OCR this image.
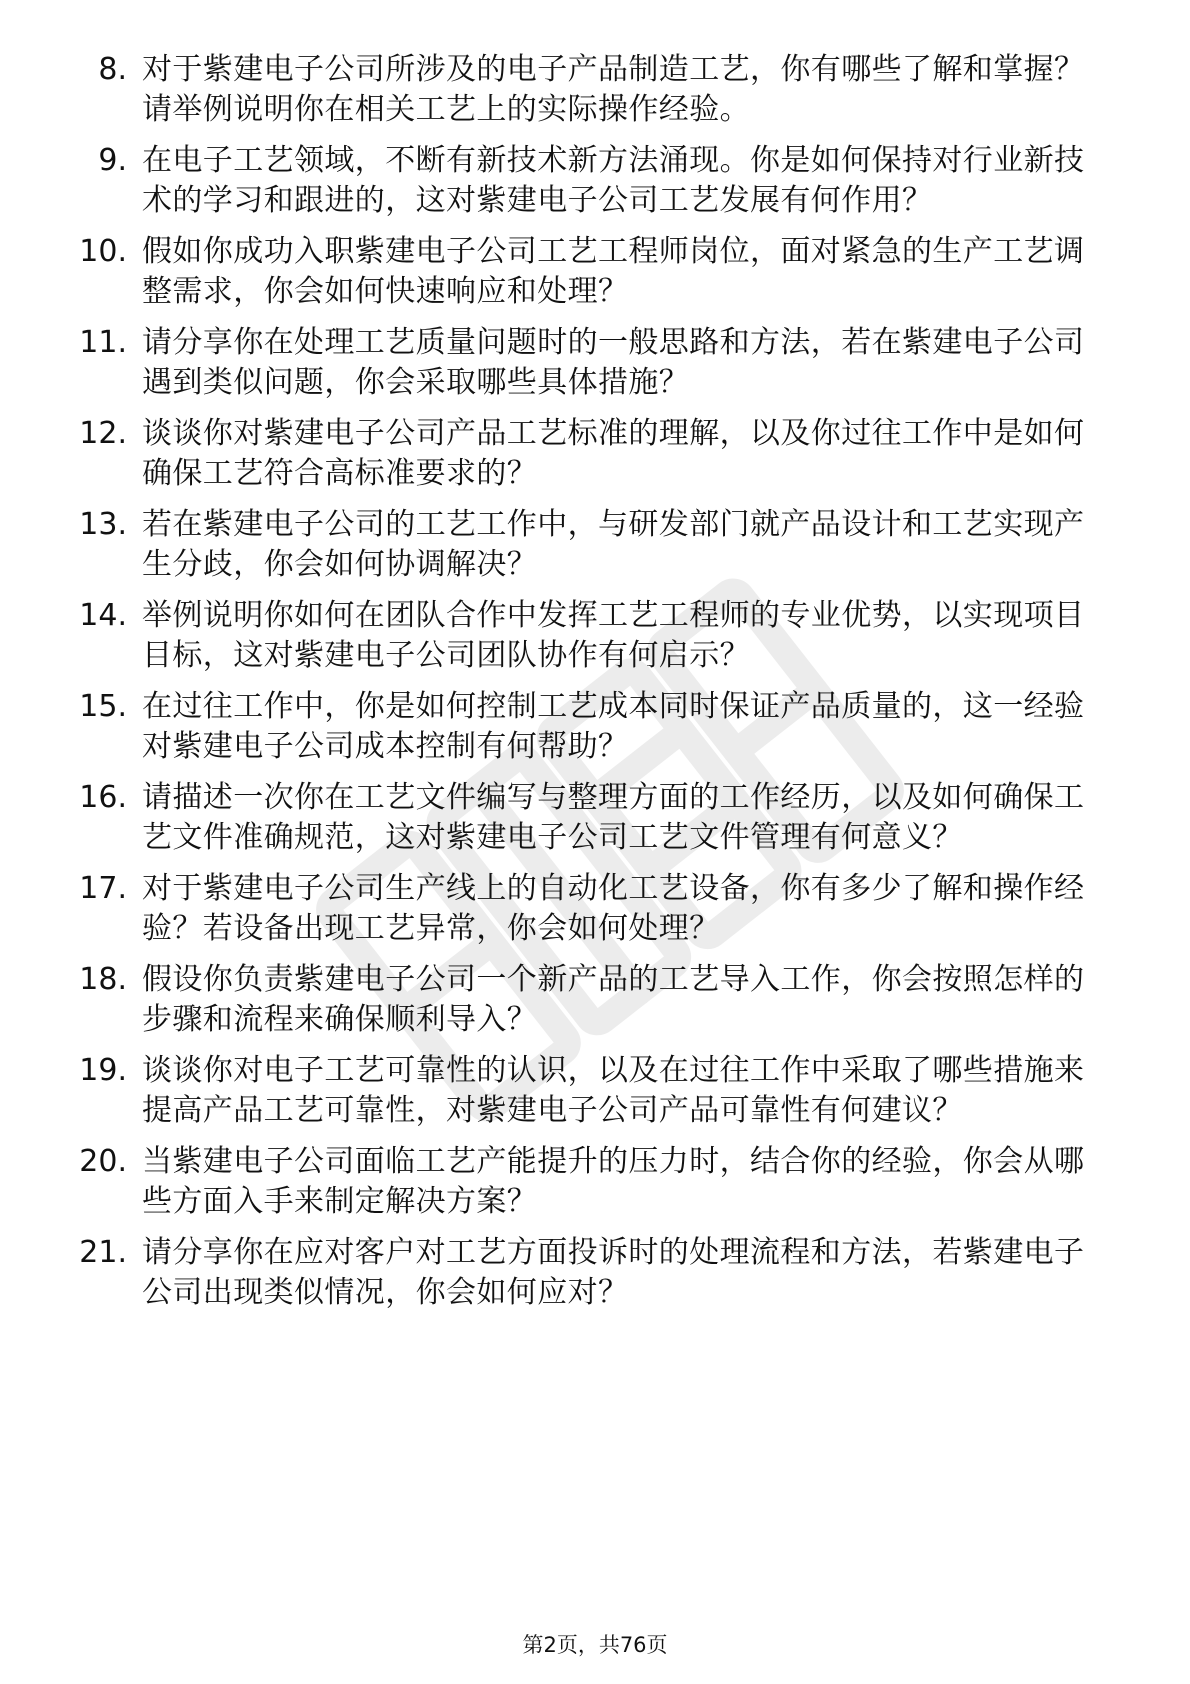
8. 对于紫建电子公司所涉及的电子产品制造工艺，你有哪些了解和掌握？请举例说明你在相关工艺上的实际操作经验。
9. 在电子工艺领域，不断有新技术新方法涌现。你是如何保持对行业新技术的学习和跟进的，这对紫建电子公司工艺发展有何作用？
10. 假如你成功入职紫建电子公司工艺工程师岗位，面对紧急的生产工艺调整需求，你会如何快速响应和处理？
11. 请分享你在处理工艺质量问题时的一般思路和方法，若在紫建电子公司遇到类似问题，你会采取哪些具体措施？
12. 谈谈你对紫建电子公司产品工艺标准的理解，以及你过往工作中是如何确保工艺符合高标准要求的？
13. 若在紫建电子公司的工艺工作中，与研发部门就产品设计和工艺实现产生分歧，你会如何协调解决？
14. 举例说明你如何在团队合作中发挥工艺工程师的专业优势，以实现项目目标，这对紫建电子公司团队协作有何启示？
15. 在过往工作中，你是如何控制工艺成本同时保证产品质量的，这一经验对紫建电子公司成本控制有何帮助？
16. 请描述一次你在工艺文件编写与整理方面的工作经历，以及如何确保工艺文件准确规范，这对紫建电子公司工艺文件管理有何意义？
17. 对于紫建电子公司生产线上的自动化工艺设备，你有多少了解和操作经验？若设备出现工艺异常，你会如何处理？
18. 假设你负责紫建电子公司一个新产品的工艺导入工作，你会按照怎样的步骤和流程来确保顺利导入？
19. 谈谈你对电子工艺可靠性的认识，以及在过往工作中采取了哪些措施来提高产品工艺可靠性，对紫建电子公司产品可靠性有何建议？
20. 当紫建电子公司面临工艺产能提升的压力时，结合你的经验，你会从哪些方面入手来制定解决方案？
21. 请分享你在应对客户对工艺方面投诉时的处理流程和方法，若紫建电子公司出现类似情况，你会如何应对？
第2页，共76页
